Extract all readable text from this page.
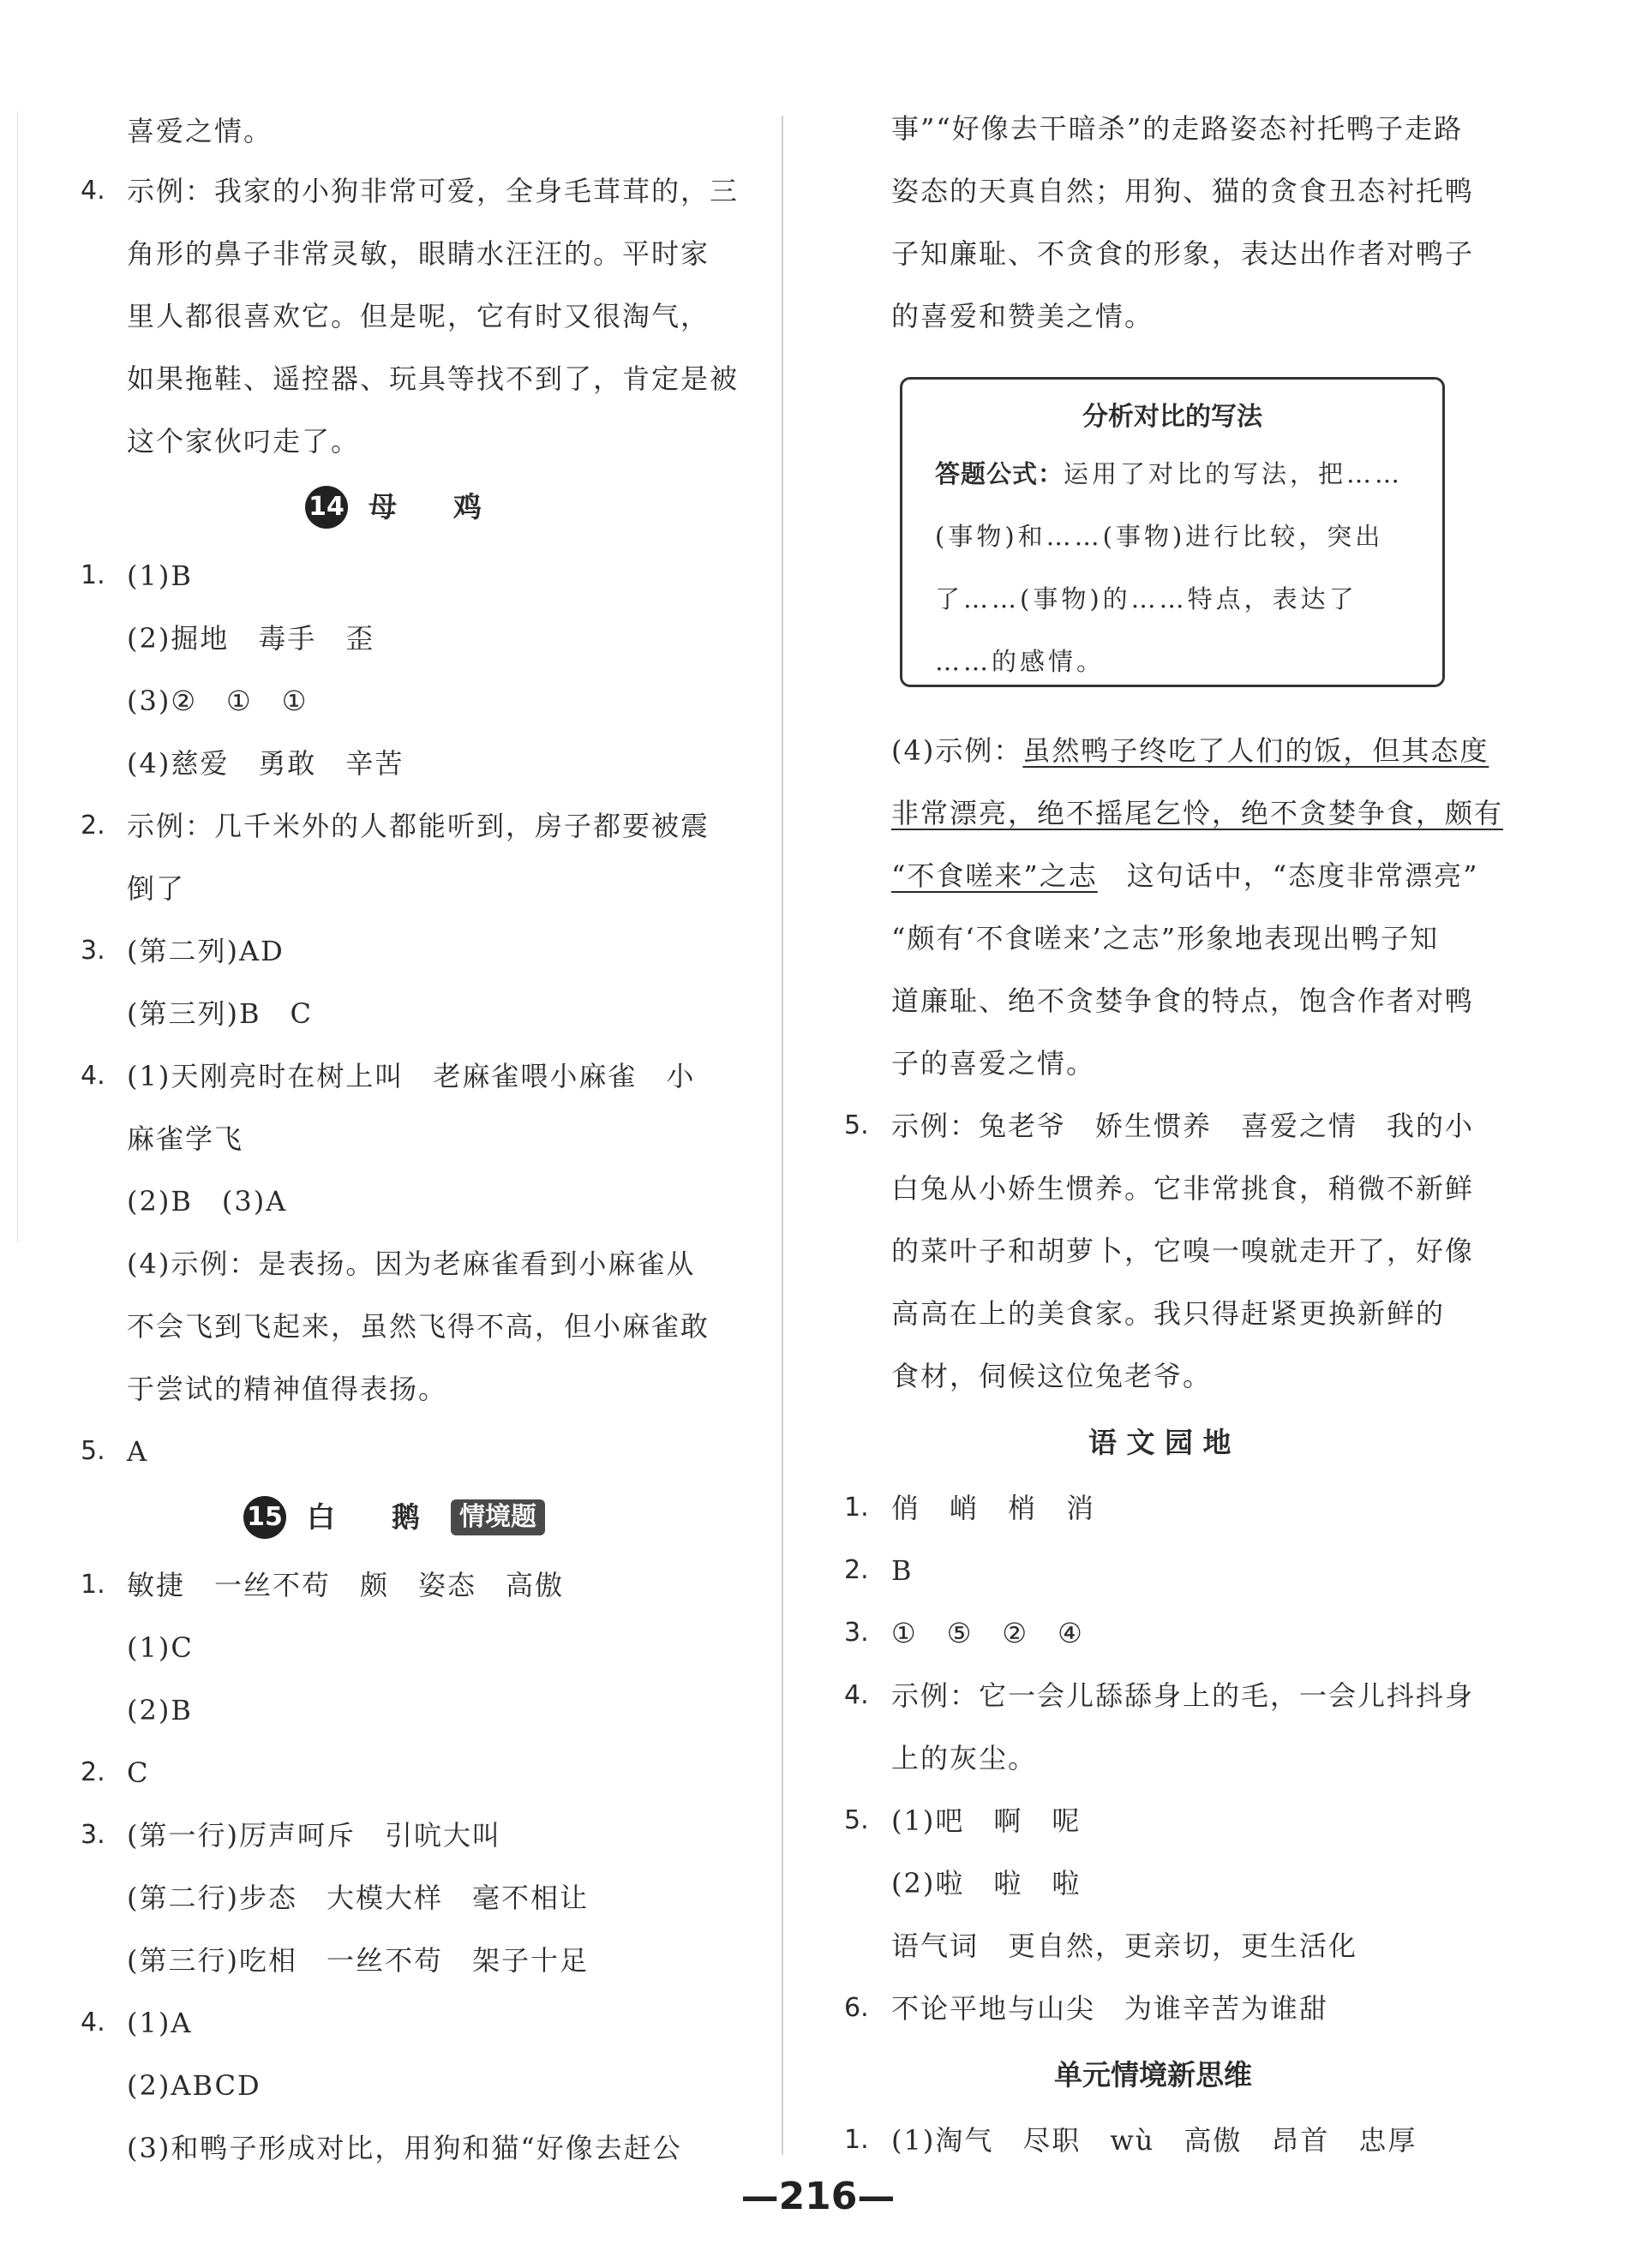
喜爱之情。
4. 示例：我家的小狗非常可爱，全身毛茸茸的，三
角形的鼻子非常灵敏，眼睛水汪汪的。平时家
里人都很喜欢它。但是呢，它有时又很淘气，
如果拖鞋、遥控器、玩具等找不到了，肯定是被
这个家伙叼走了。
14 母　　鸡
1. (1)B
(2)掘地　毒手　歪
(3)②　①　①
(4)慈爱　勇敢　辛苦
2. 示例：几千米外的人都能听到，房子都要被震
倒了
3. (第二列)AD
(第三列)B　C
4. (1)天刚亮时在树上叫　老麻雀喂小麻雀　小
麻雀学飞
(2)B　(3)A
(4)示例：是表扬。因为老麻雀看到小麻雀从
不会飞到飞起来，虽然飞得不高，但小麻雀敢
于尝试的精神值得表扬。
5. A
15 白　　鹅	情境题
1. 敏捷　一丝不苟　颇　姿态　高傲
(1)C
(2)B
2. C
3. (第一行)厉声呵斥　引吭大叫
(第二行)步态　大模大样　毫不相让
(第三行)吃相　一丝不苟　架子十足
4. (1)A
(2)ABCD
(3)和鸭子形成对比，用狗和猫“好像去赶公
事”“好像去干暗杀”的走路姿态衬托鸭子走路
姿态的天真自然；用狗、猫的贪食丑态衬托鸭
子知廉耻、不贪食的形象，表达出作者对鸭子
的喜爱和赞美之情。
分析对比的写法
答题公式：运用了对比的写法，把……
(事物)和……(事物)进行比较，突出
了……(事物)的……特点，表达了
……的感情。
(4)示例：虽然鸭子终吃了人们的饭，但其态度
非常漂亮，绝不摇尾乞怜，绝不贪婪争食，颇有
“不食嗟来”之志　这句话中，“态度非常漂亮”
“颇有‘不食嗟来’之志”形象地表现出鸭子知
道廉耻、绝不贪婪争食的特点，饱含作者对鸭
子的喜爱之情。
5. 示例：兔老爷　娇生惯养　喜爱之情　我的小
白兔从小娇生惯养。它非常挑食，稍微不新鲜
的菜叶子和胡萝卜，它嗅一嗅就走开了，好像
高高在上的美食家。我只得赶紧更换新鲜的
食材，伺候这位兔老爷。
语 文 园 地
1. 俏　峭　梢　消
2. B
3. ①　⑤　②　④
4. 示例：它一会儿舔舔身上的毛，一会儿抖抖身
上的灰尘。
5. (1)吧　啊　呢
(2)啦　啦　啦
语气词　更自然，更亲切，更生活化
6. 不论平地与山尖　为谁辛苦为谁甜
单元情境新思维
1. (1)淘气　尽职　wù　高傲　昂首　忠厚
—216—
